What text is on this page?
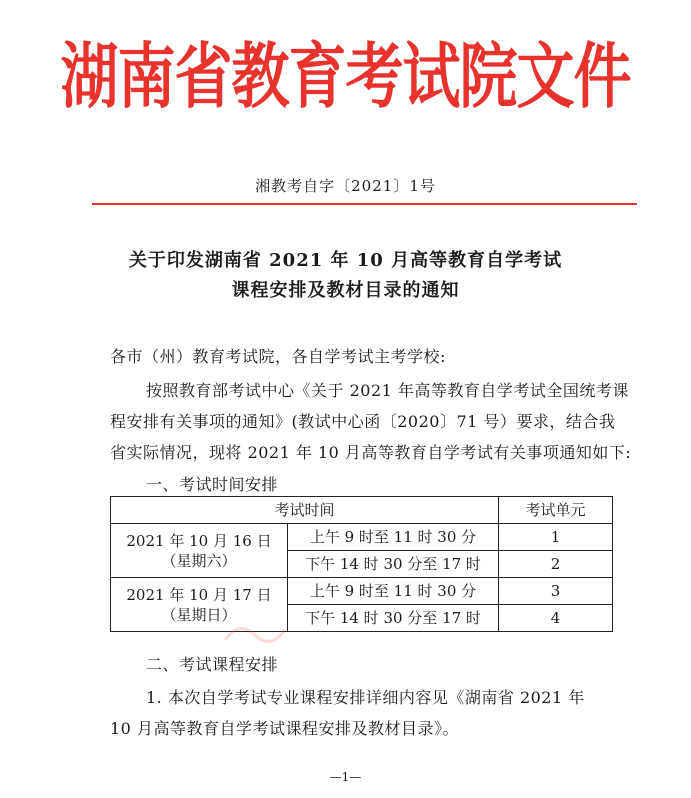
湖南省教育考试院文件
湘教考自字〔2021〕1号
关于印发湖南省 2021 年 10 月高等教育自学考试
课程安排及教材目录的通知
各市（州）教育考试院，各自学考试主考学校:
按照教育部考试中心《关于 2021 年高等教育自学考试全国统考课
程安排有关事项的通知》(教试中心函〔2020〕71 号）要求，结合我
省实际情况，现将 2021 年 10 月高等教育自学考试有关事项通知如下:
一、考试时间安排
考试时间		考试单元

2021 年 10 月 16 日
（星期六）	上午 9 时至 11 时 30 分	1
	下午 14 时 30 分至 17 时	2

2021 年 10 月 17 日
（星期日）	上午 9 时至 11 时 30 分	3
	下午 14 时 30 分至 17 时	4
二、考试课程安排
1. 本次自学考试专业课程安排详细内容见《湖南省 2021 年
10 月高等教育自学考试课程安排及教材目录》。
—1—
